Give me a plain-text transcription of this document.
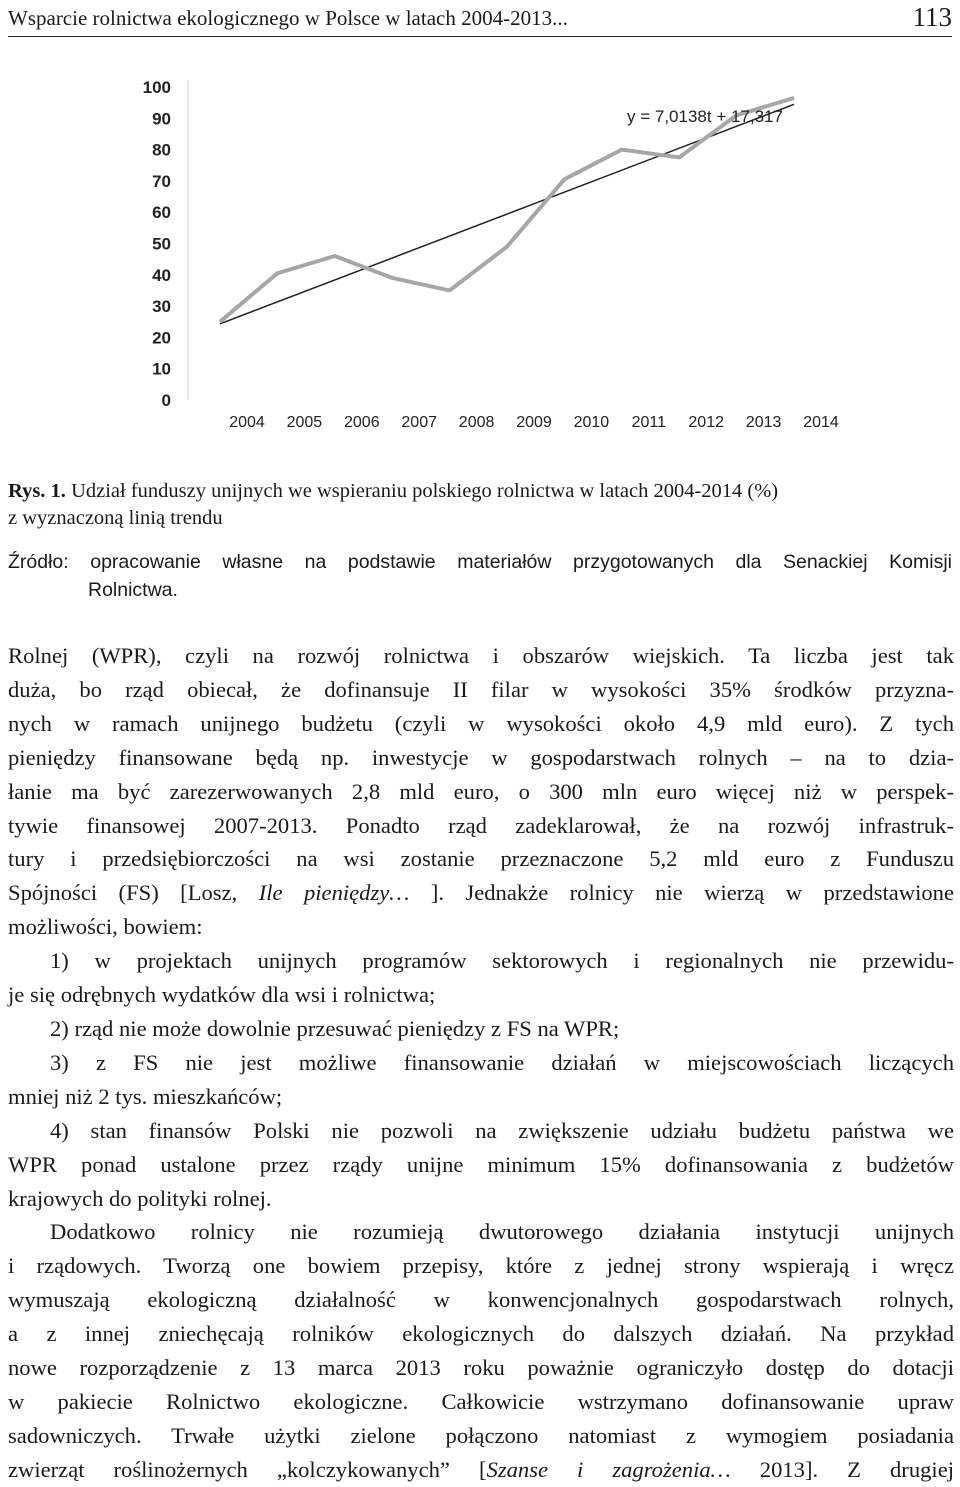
Wsparcie rolnictwa ekologicznego w Polsce w latach 2004-2013...	113
0
10
20
30
40
50
60
70
80
90
100
2004 2005 2006 2007 2008 2009 2010 2011 2012 2013 2014
y = 7,0138t + 17,317
Rys. 1. Udział funduszy unijnych we wspieraniu polskiego rolnictwa w latach 2004-2014 (%)
z wyznaczoną linią trendu
Źródło: opracowanie własne na podstawie materiałów przygotowanych dla Senackiej Komisji
Rolnictwa.

Rolnej (WPR), czyli na rozwój rolnictwa i obszarów wiejskich. Ta liczba jest tak
duża, bo rząd obiecał, że dofinansuje II filar w wysokości 35% środków przyzna-
nych w ramach unijnego budżetu (czyli w wysokości około 4,9 mld euro). Z tych
pieniędzy finansowane będą np. inwestycje w gospodarstwach rolnych – na to dzia-
łanie ma być zarezerwowanych 2,8 mld euro, o 300 mln euro więcej niż w perspek-
tywie finansowej 2007-2013. Ponadto rząd zadeklarował, że na rozwój infrastruk-
tury i przedsiębiorczości na wsi zostanie przeznaczone 5,2 mld euro z Funduszu
Spójności (FS) [Losz, Ile pieniędzy… ]. Jednakże rolnicy nie wierzą w przedstawione
możliwości, bowiem:

1) w projektach unijnych programów sektorowych i regionalnych nie przewidu-
je się odrębnych wydatków dla wsi i rolnictwa;

2) rząd nie może dowolnie przesuwać pieniędzy z FS na WPR;

3) z FS nie jest możliwe finansowanie działań w miejscowościach liczących
mniej niż 2 tys. mieszkańców;

4) stan finansów Polski nie pozwoli na zwiększenie udziału budżetu państwa we
WPR ponad ustalone przez rządy unijne minimum 15% dofinansowania z budżetów
krajowych do polityki rolnej.

Dodatkowo rolnicy nie rozumieją dwutorowego działania instytucji unijnych
i rządowych. Tworzą one bowiem przepisy, które z jednej strony wspierają i wręcz
wymuszają ekologiczną działalność w konwencjonalnych gospodarstwach rolnych,
a z innej zniechęcają rolników ekologicznych do dalszych działań. Na przykład
nowe rozporządzenie z 13 marca 2013 roku poważnie ograniczyło dostęp do dotacji
w pakiecie Rolnictwo ekologiczne. Całkowicie wstrzymano dofinansowanie upraw
sadowniczych. Trwałe użytki zielone połączono natomiast z wymogiem posiadania
zwierząt roślinożernych „kolczykowanych” [Szanse i zagrożenia… 2013]. Z drugiej
